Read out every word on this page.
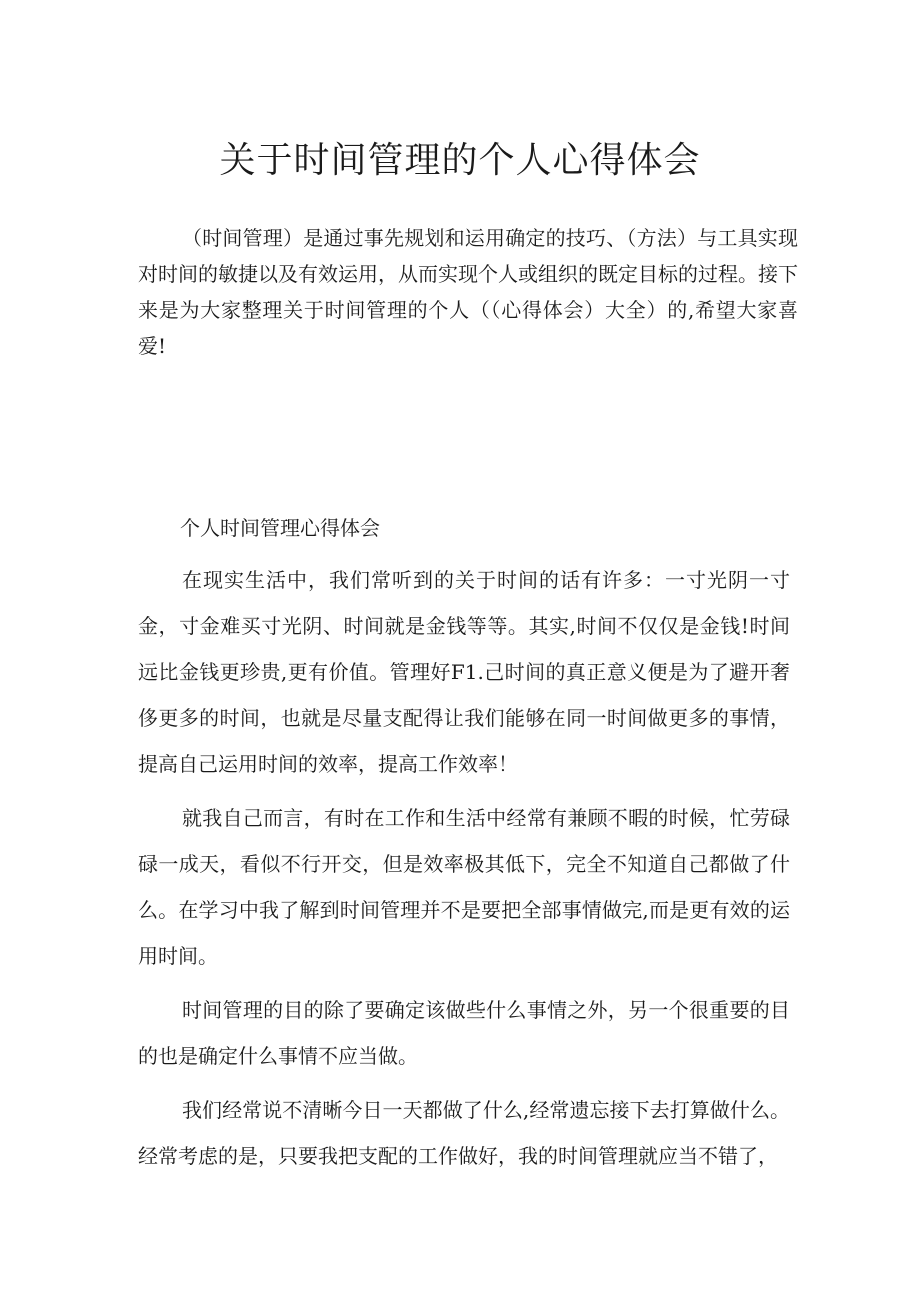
关于时间管理的个人心得体会

（时间管理）是通过事先规划和运用确定的技巧、（方法）与工具实现对时间的敏捷以及有效运用，从而实现个人或组织的既定目标的过程。接下来是为大家整理关于时间管理的个人（（心得体会）大全）的,希望大家喜爱!

个人时间管理心得体会

在现实生活中，我们常听到的关于时间的话有许多：一寸光阴一寸金，寸金难买寸光阴、时间就是金钱等等。其实,时间不仅仅是金钱!时间远比金钱更珍贵,更有价值。管理好F1.己时间的真正意义便是为了避开奢侈更多的时间，也就是尽量支配得让我们能够在同一时间做更多的事情，提高自己运用时间的效率，提高工作效率！

就我自己而言，有时在工作和生活中经常有兼顾不暇的时候，忙劳碌碌一成天，看似不行开交，但是效率极其低下，完全不知道自己都做了什么。在学习中我了解到时间管理并不是要把全部事情做完,而是更有效的运用时间。

时间管理的目的除了要确定该做些什么事情之外，另一个很重要的目的也是确定什么事情不应当做。

我们经常说不清晰今日一天都做了什么,经常遗忘接下去打算做什么。经常考虑的是，只要我把支配的工作做好，我的时间管理就应当不错了，
